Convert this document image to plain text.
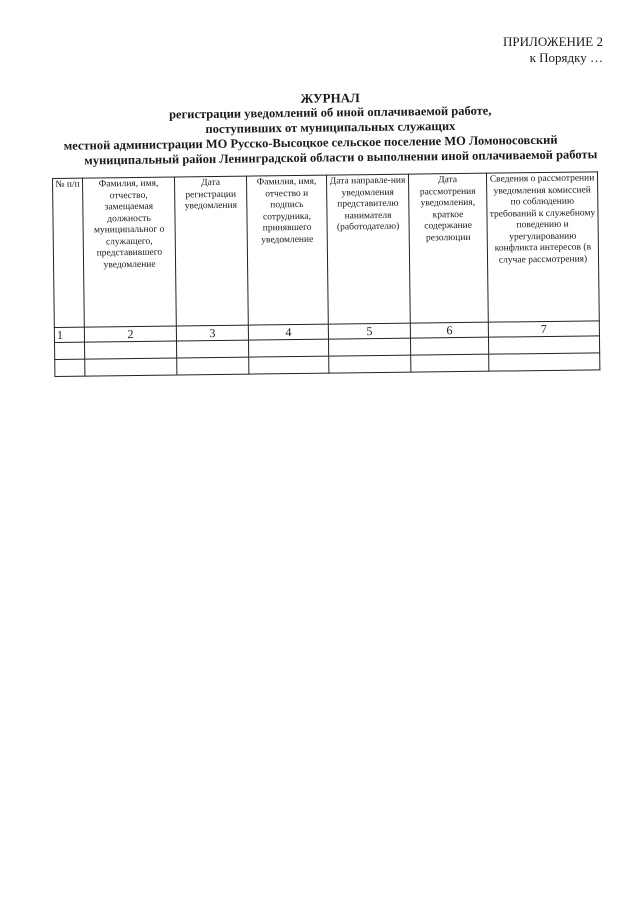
ПРИЛОЖЕНИЕ 2
к Порядку …
ЖУРНАЛ
регистрации уведомлений об иной оплачиваемой работе,
поступивших от муниципальных служащих
местной администрации МО Русско-Высоцкое сельское поселение МО Ломоносовский
муниципальный район Ленинградской области о выполнении иной оплачиваемой работы
№ п/п	Фамилия, имя, отчество, замещаемая должность муниципальног о служащего, представившего уведомление	Дата регистрации уведомления	Фамилия, имя, отчество и подпись сотрудника, принявшего уведомление	Дата направле-ния уведомления представителю нанимателя (работодателю)	Дата рассмотрения уведомления, краткое содержание резолюции	Сведения о рассмотрении уведомления комиссией по соблюдению требований к служебному поведению и урегулированию конфликта интересов (в случае рассмотрения)
1	2	3	4	5	6	7
